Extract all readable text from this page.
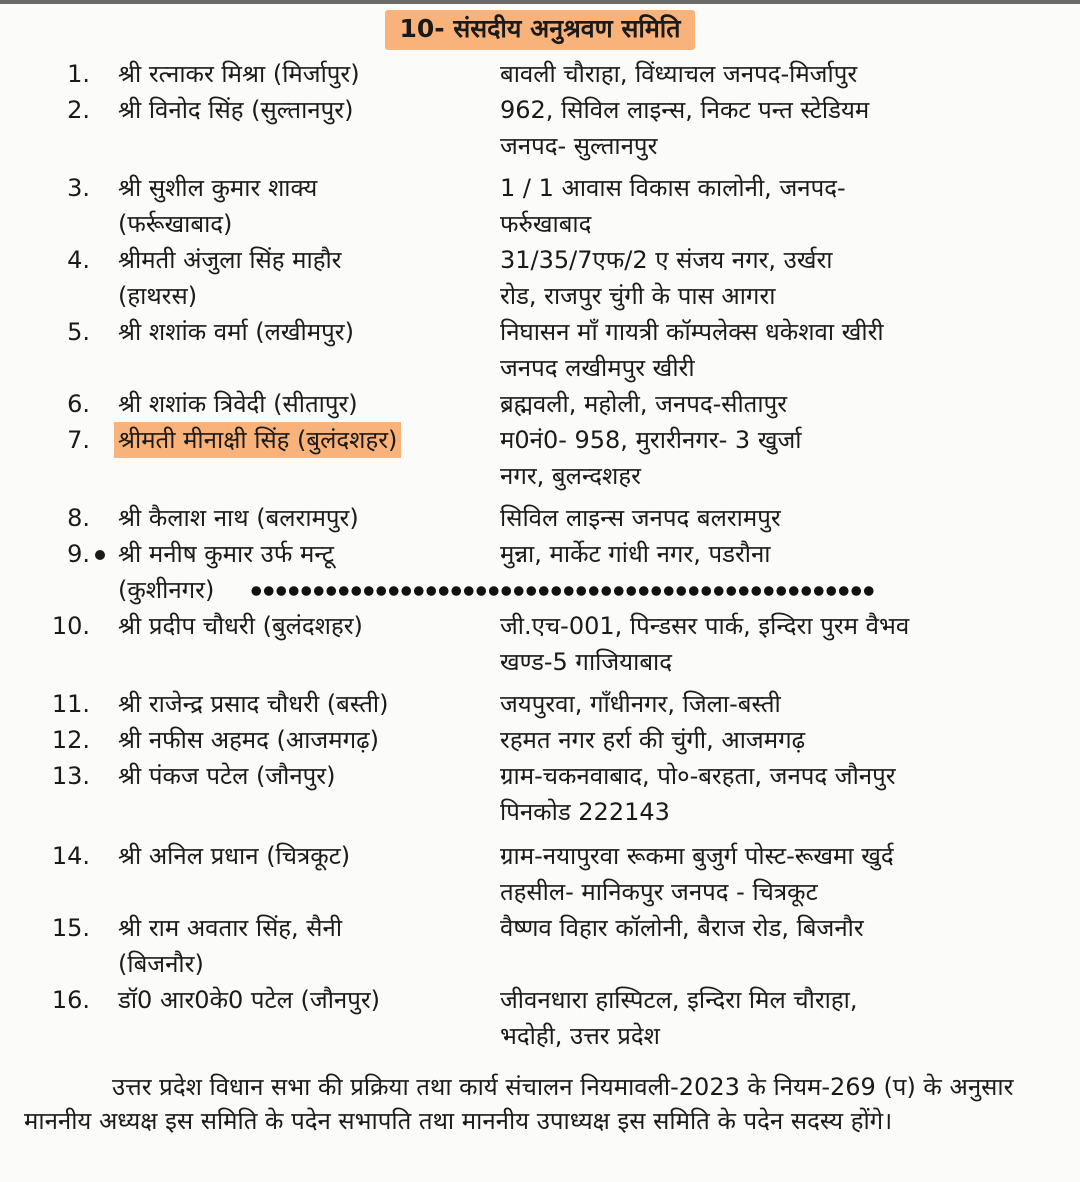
10- संसदीय अनुश्रवण समिति
1. श्री रत्नाकर मिश्रा (मिर्जापुर)	बावली चौराहा, विंध्याचल जनपद-मिर्जापुर
2. श्री विनोद सिंह (सुल्तानपुर)	962, सिविल लाइन्स, निकट पन्त स्टेडियम
जनपद- सुल्तानपुर
3. श्री सुशील कुमार शाक्य	1 / 1 आवास विकास कालोनी, जनपद-
(फर्रूखाबाद)	फर्रुखाबाद
4. श्रीमती अंजुला सिंह माहौर	31/35/7एफ/2 ए संजय नगर, उर्खरा
(हाथरस)	रोड, राजपुर चुंगी के पास आगरा
5. श्री शशांक वर्मा (लखीमपुर)	निघासन माँ गायत्री कॉम्पलेक्स धकेशवा खीरी
जनपद लखीमपुर खीरी
6. श्री शशांक त्रिवेदी (सीतापुर)	ब्रह्मवली, महोली, जनपद-सीतापुर
7. श्रीमती मीनाक्षी सिंह (बुलंदशहर)	म0नं0- 958, मुरारीनगर- 3 खुर्जा
नगर, बुलन्दशहर
8. श्री कैलाश नाथ (बलरामपुर)	सिविल लाइन्स जनपद बलरामपुर
9. श्री मनीष कुमार उर्फ मन्टू	मुन्ना, मार्केट गांधी नगर, पडरौना
(कुशीनगर)
10. श्री प्रदीप चौधरी (बुलंदशहर)	जी.एच-001, पिन्डसर पार्क, इन्दिरा पुरम वैभव
खण्ड-5 गाजियाबाद
11. श्री राजेन्द्र प्रसाद चौधरी (बस्ती)	जयपुरवा, गाँधीनगर, जिला-बस्ती
12. श्री नफीस अहमद (आजमगढ़)	रहमत नगर हर्रा की चुंगी, आजमगढ़
13. श्री पंकज पटेल (जौनपुर)	ग्राम-चकनवाबाद, पो०-बरहता, जनपद जौनपुर
पिनकोड 222143
14. श्री अनिल प्रधान (चित्रकूट)	ग्राम-नयापुरवा रूकमा बुजुर्ग पोस्ट-रूखमा खुर्द
तहसील- मानिकपुर जनपद - चित्रकूट
15. श्री राम अवतार सिंह, सैनी	वैष्णव विहार कॉलोनी, बैराज रोड, बिजनौर
(बिजनौर)
16. डॉ0 आर0के0 पटेल (जौनपुर)	जीवनधारा हास्पिटल, इन्दिरा मिल चौराहा,
भदोही, उत्तर प्रदेश
उत्तर प्रदेश विधान सभा की प्रक्रिया तथा कार्य संचालन नियमावली-2023 के नियम-269 (प) के अनुसार माननीय अध्यक्ष इस समिति के पदेन सभापति तथा माननीय उपाध्यक्ष इस समिति के पदेन सदस्य होंगे।
